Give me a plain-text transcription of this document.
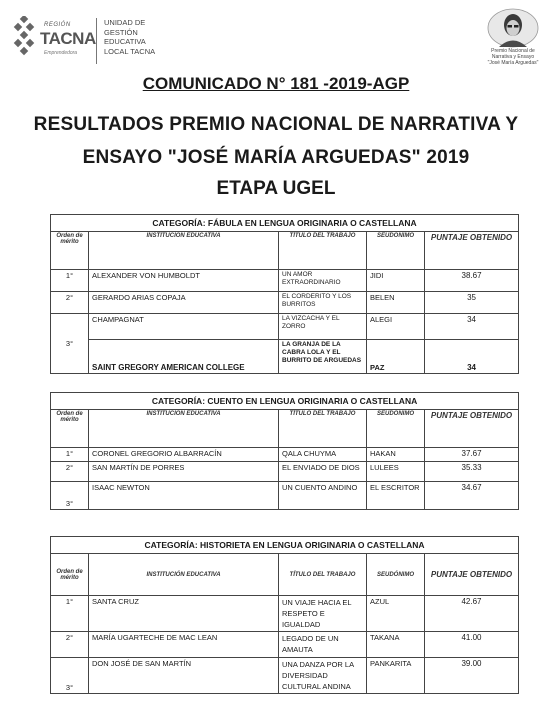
REGIÓN
TACNA
Emprendedora
UNIDAD DE
GESTIÓN
EDUCATIVA
LOCAL TACNA	Premio Nacional de
Narrativa y Ensayo
"José María Arguedas"
COMUNICADO N° 181 -2019-AGP
RESULTADOS PREMIO NACIONAL DE NARRATIVA Y
ENSAYO "JOSÉ MARÍA ARGUEDAS" 2019
ETAPA UGEL
CATEGORÍA: FÁBULA EN LENGUA ORIGINARIA O CASTELLANA				
Orden de mérito	INSTITUCIÓN EDUCATIVA	TÍTULO DEL TRABAJO	SEUDÓNIMO	PUNTAJE OBTENIDO
1°	ALEXANDER VON HUMBOLDT	UN AMOR EXTRAORDINARIO	JIDI	38.67
2°	GERARDO ARIAS COPAJA	EL CORDERITO Y LOS BURRITOS	BELEN	35
3°	CHAMPAGNAT	LA VIZCACHA Y EL ZORRO	ALEGI	34
	SAINT GREGORY AMERICAN COLLEGE	LA GRANJA DE LA CABRA LOLA Y EL BURRITO DE ARGUEDAS	PAZ	34
CATEGORÍA: CUENTO EN LENGUA ORIGINARIA O CASTELLANA				
Orden de mérito	INSTITUCIÓN EDUCATIVA	TÍTULO DEL TRABAJO	SEUDÓNIMO	PUNTAJE OBTENIDO
1°	CORONEL GREGORIO ALBARRACÍN	QALA CHUYMA	HAKAN	37.67
2°	SAN MARTÍN DE PORRES	EL ENVIADO DE DIOS	LULEES	35.33
3°	ISAAC NEWTON	UN CUENTO ANDINO	EL ESCRITOR	34.67
CATEGORÍA: HISTORIETA EN LENGUA ORIGINARIA O CASTELLANA				
Orden de mérito	INSTITUCIÓN EDUCATIVA	TÍTULO DEL TRABAJO	SEUDÓNIMO	PUNTAJE OBTENIDO
1°	SANTA CRUZ	UN VIAJE HACIA EL RESPETO E IGUALDAD	AZUL	42.67
2°	MARÍA UGARTECHE DE MAC LEAN	LEGADO DE UN AMAUTA	TAKANA	41.00
3°	DON JOSÉ DE SAN MARTÍN	UNA DANZA POR LA DIVERSIDAD CULTURAL ANDINA	PANKARITA	39.00
